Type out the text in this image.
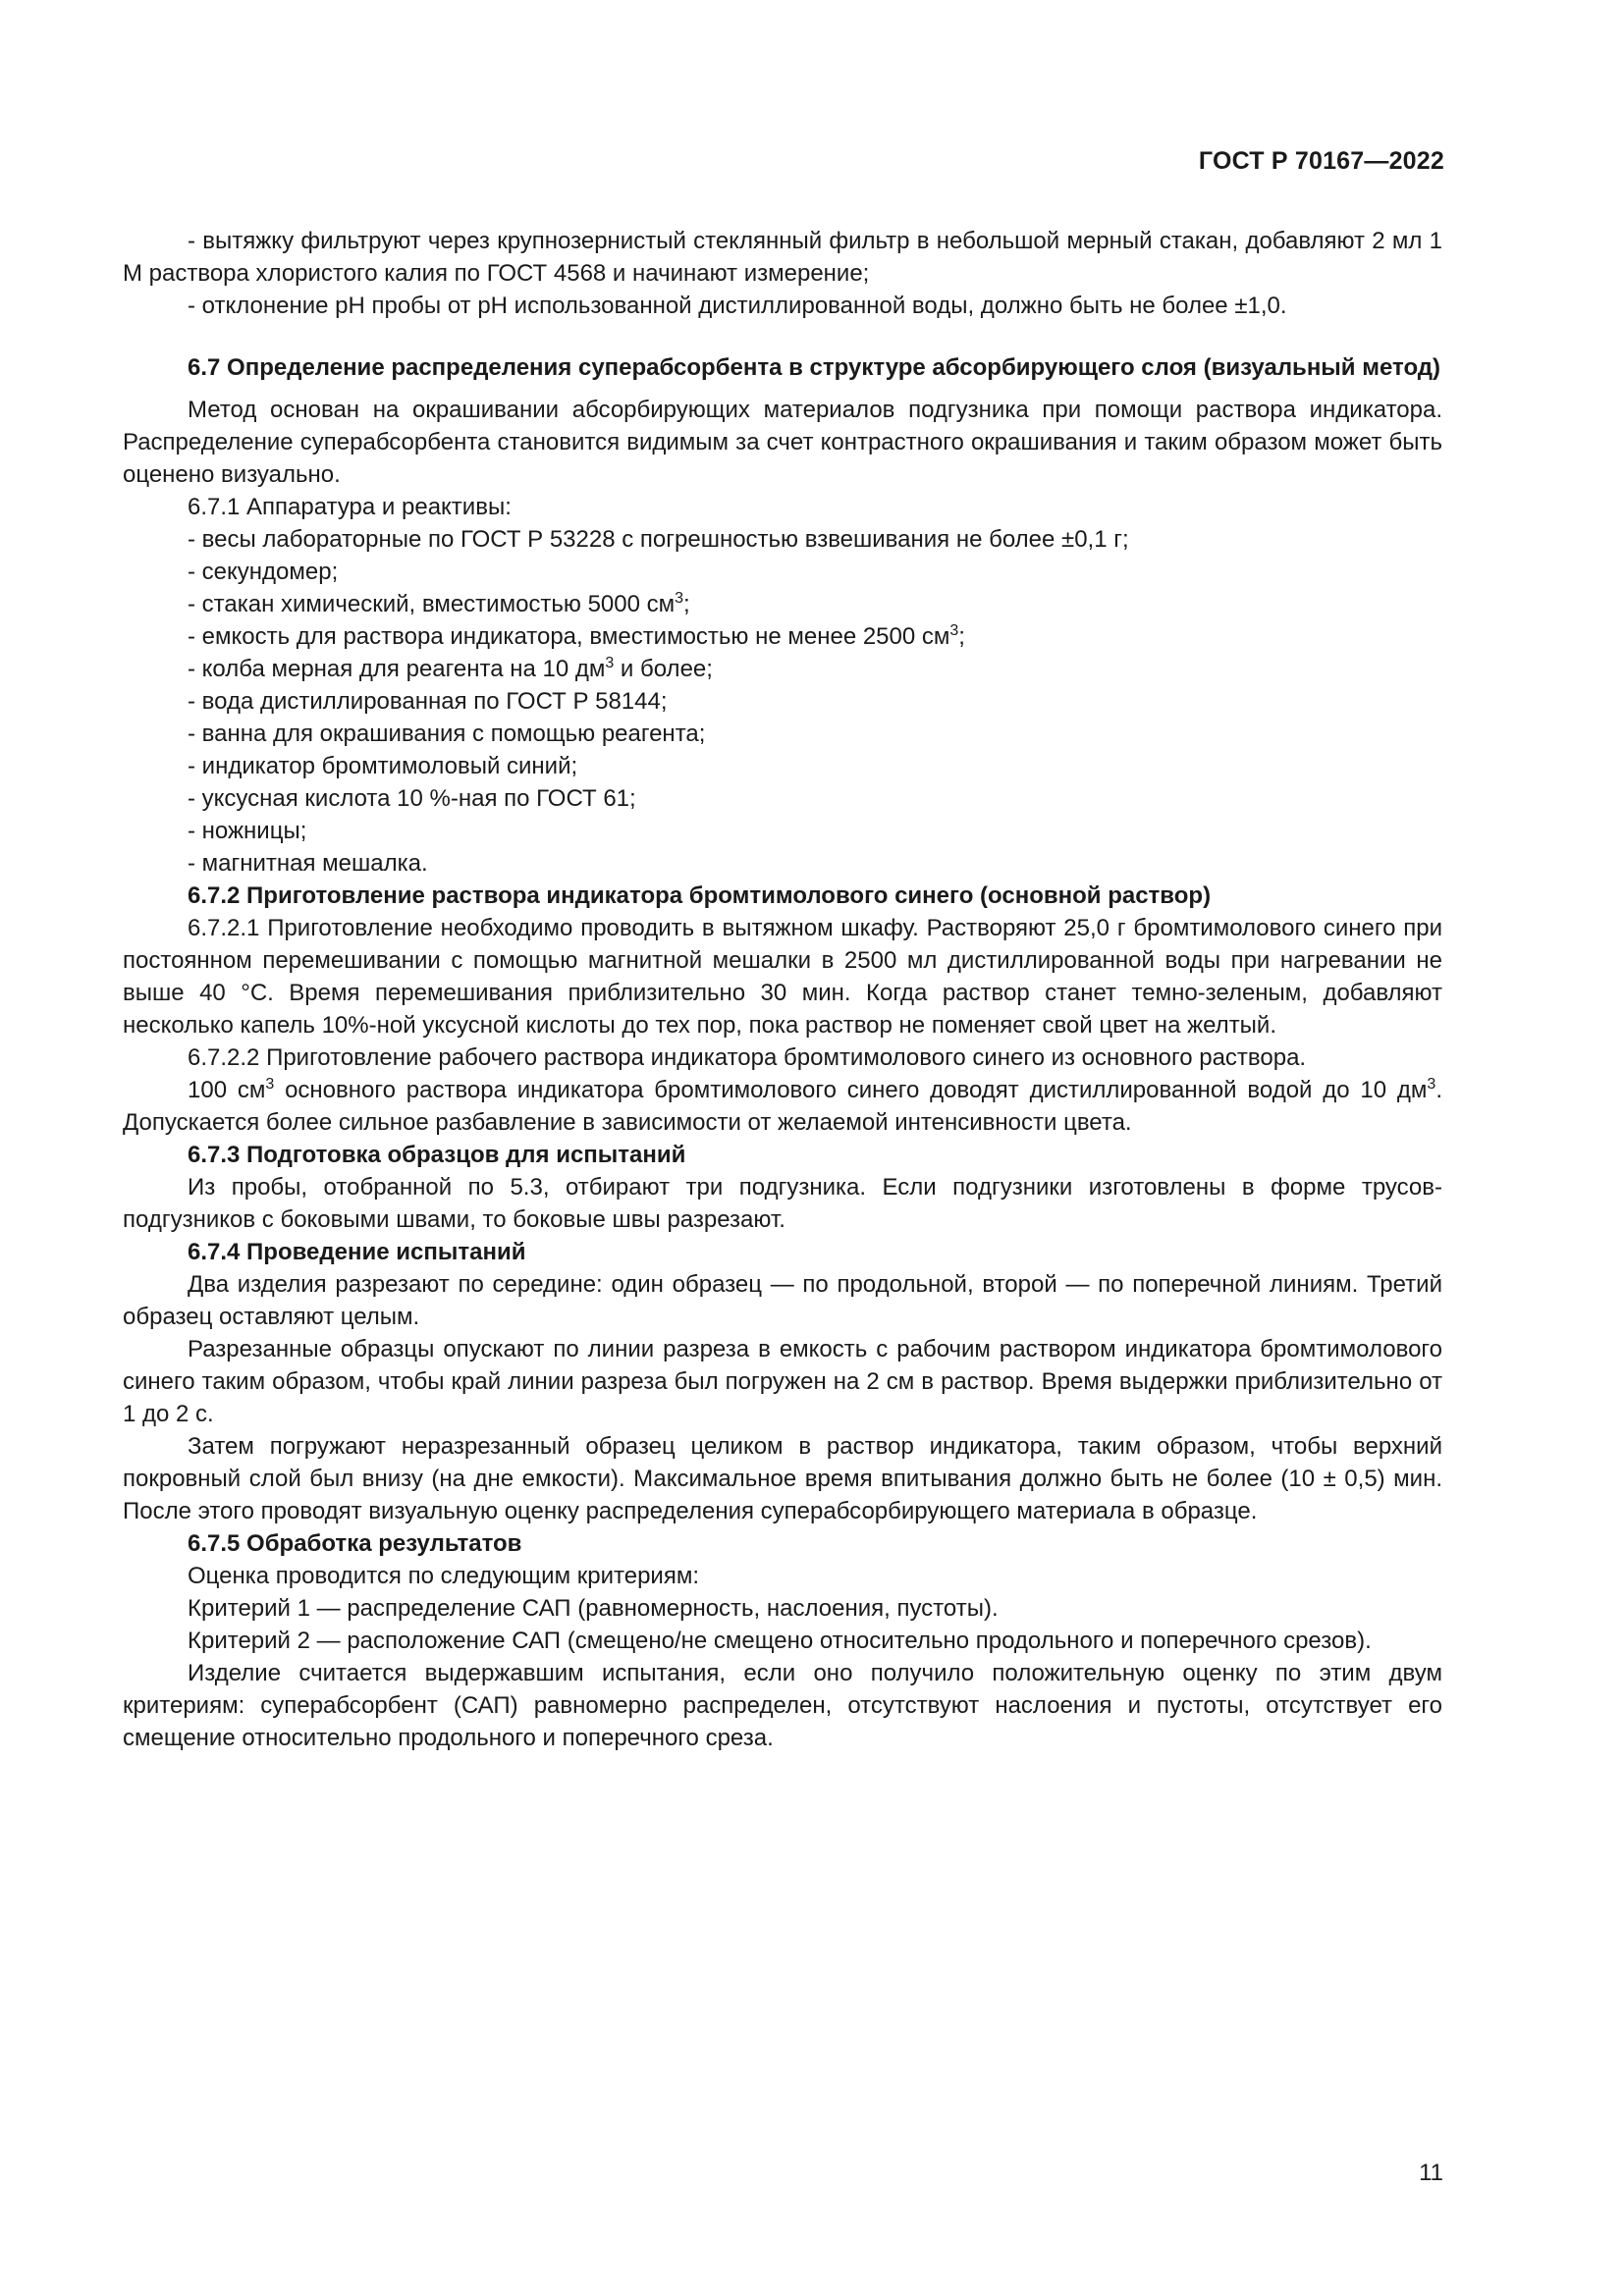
ГОСТ Р 70167—2022

- вытяжку фильтруют через крупнозернистый стеклянный фильтр в небольшой мерный стакан, добавляют 2 мл 1 М раствора хлористого калия по ГОСТ 4568 и начинают измерение;

- отклонение pH пробы от pH использованной дистиллированной воды, должно быть не более ±1,0.

6.7 Определение распределения суперабсорбента в структуре абсорбирующего слоя (визуальный метод)

Метод основан на окрашивании абсорбирующих материалов подгузника при помощи раствора индикатора. Распределение суперабсорбента становится видимым за счет контрастного окрашивания и таким образом может быть оценено визуально.

6.7.1 Аппаратура и реактивы:

- весы лабораторные по ГОСТ Р 53228 с погрешностью взвешивания не более ±0,1 г;

- секундомер;

- стакан химический, вместимостью 5000 $см^3$;

- емкость для раствора индикатора, вместимостью не менее 2500 $см^3$;

- колба мерная для реагента на 10 $дм^3$ и более;

- вода дистиллированная по ГОСТ Р 58144;

- ванна для окрашивания с помощью реагента;

- индикатор бромтимоловый синий;

- уксусная кислота 10 %-ная по ГОСТ 61;

- ножницы;

- магнитная мешалка.

6.7.2 Приготовление раствора индикатора бромтимолового синего (основной раствор)

6.7.2.1 Приготовление необходимо проводить в вытяжном шкафу. Растворяют 25,0 г бромтимолового синего при постоянном перемешивании с помощью магнитной мешалки в 2500 мл дистиллированной воды при нагревании не выше 40 °С. Время перемешивания приблизительно 30 мин. Когда раствор станет темно-зеленым, добавляют несколько капель 10%-ной уксусной кислоты до тех пор, пока раствор не поменяет свой цвет на желтый.

6.7.2.2 Приготовление рабочего раствора индикатора бромтимолового синего из основного раствора.

100 $см^3$ основного раствора индикатора бромтимолового синего доводят дистиллированной водой до 10 $дм^3$. Допускается более сильное разбавление в зависимости от желаемой интенсивности цвета.

6.7.3 Подготовка образцов для испытаний

Из пробы, отобранной по 5.3, отбирают три подгузника. Если подгузники изготовлены в форме трусов-подгузников с боковыми швами, то боковые швы разрезают.

6.7.4 Проведение испытаний

Два изделия разрезают по середине: один образец — по продольной, второй — по поперечной линиям. Третий образец оставляют целым.

Разрезанные образцы опускают по линии разреза в емкость с рабочим раствором индикатора бромтимолового синего таким образом, чтобы край линии разреза был погружен на 2 см в раствор. Время выдержки приблизительно от 1 до 2 с.

Затем погружают неразрезанный образец целиком в раствор индикатора, таким образом, чтобы верхний покровный слой был внизу (на дне емкости). Максимальное время впитывания должно быть не более (10 ± 0,5) мин. После этого проводят визуальную оценку распределения суперабсорбирующего материала в образце.

6.7.5 Обработка результатов

Оценка проводится по следующим критериям:

Критерий 1 — распределение САП (равномерность, наслоения, пустоты).

Критерий 2 — расположение САП (смещено/не смещено относительно продольного и поперечного срезов).

Изделие считается выдержавшим испытания, если оно получило положительную оценку по этим двум критериям: суперабсорбент (САП) равномерно распределен, отсутствуют наслоения и пустоты, отсутствует его смещение относительно продольного и поперечного среза.

11
